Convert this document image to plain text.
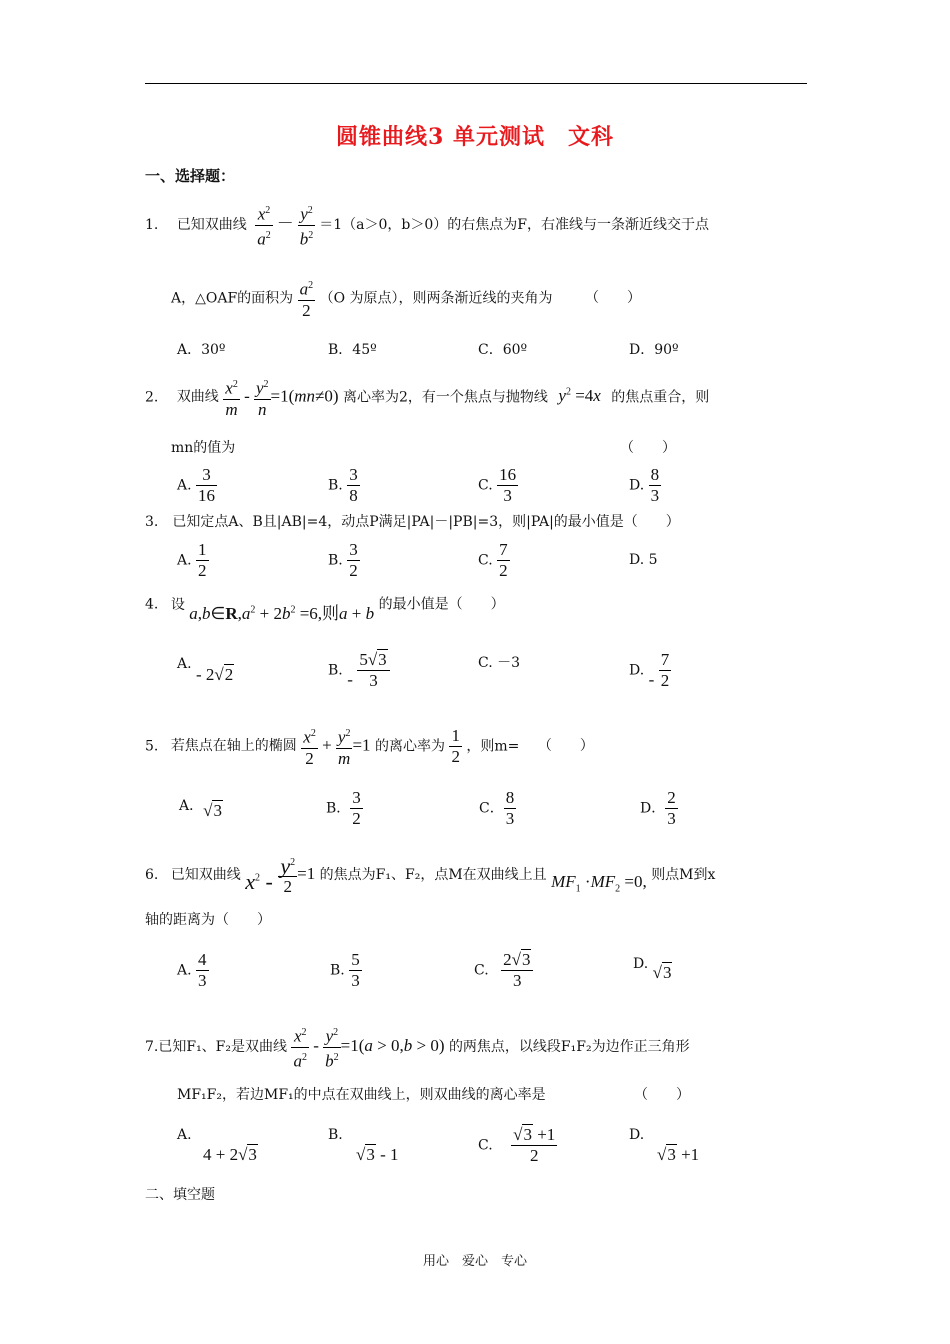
圆锥曲线3 单元测试　文科
一、选择题：
1. 已知双曲线 $\frac{x^2}{a^2} - \frac{y^2}{b^2} =1(a>0$，b＞0）的右焦点为F，右准线与一条渐近线交于点
A，△OAF的面积为 $\frac{a^2}{2} (O$ 为原点），则两条渐近线的夹角为 （　　）
A．30º	B．45º	C．60º	D．90º
2. 双曲线 $\frac{x^2}{m} - \frac{y^2}{n} =1(mn\ne 0)$ 离心率为2，有一个焦点与抛物线 $y^2 =4x$ 的焦点重合，则
mn的值为	（　　）
A. $\frac{3}{16}$	B. $\frac{3}{8}$	C. $\frac{16}{3}$	D. $\frac{8}{3}$
3.　已知定点A、B且|AB|=4，动点P满足|PA|－|PB|=3，则|PA|的最小值是（　　）
A. $\frac{1}{2}$	B. $\frac{3}{2}$	C. $\frac{7}{2}$	D. 5
4. 设 $a,b\in R,a^2 + 2b^2 =6$,则a + b 的最小值是（　　）
A. - 2√2	B. - $\frac{5√3}{3}$	C. －3	D. - $\frac{7}{2}$
5. 若焦点在轴上的椭圆 $\frac{x^2}{2} + \frac{y^2}{m} =1$ 的离心率为 $\frac{1}{2}$ ，则m= （　　）
A．√3	B． $\frac{3}{2}$	C． $\frac{8}{3}$	D． $\frac{2}{3}$
6. 已知双曲线 $x^2 - \frac{y^2}{2} =1$ 的焦点为F₁、F₂，点M在双曲线上且 $MF_1 \cdot MF_2 =0$, 则点M到x
轴的距离为（　　）
A. $\frac{4}{3}$	B. $\frac{5}{3}$	C. $\frac{2√3}{3}$	D. √3
7.已知F₁、F₂是双曲线 $\frac{x^2}{a^2} - \frac{y^2}{b^2} =1(a > 0,b > 0)$ 的两焦点，以线段F₁F₂为边作正三角形
MF₁F₂，若边MF₁的中点在双曲线上，则双曲线的离心率是	（　　）
A.
4 + 2√3
B.
√3 - 1	C. $\frac{√3 +1}{2}$	D.
√3 +1
二、填空题
用心　爱心　专心
